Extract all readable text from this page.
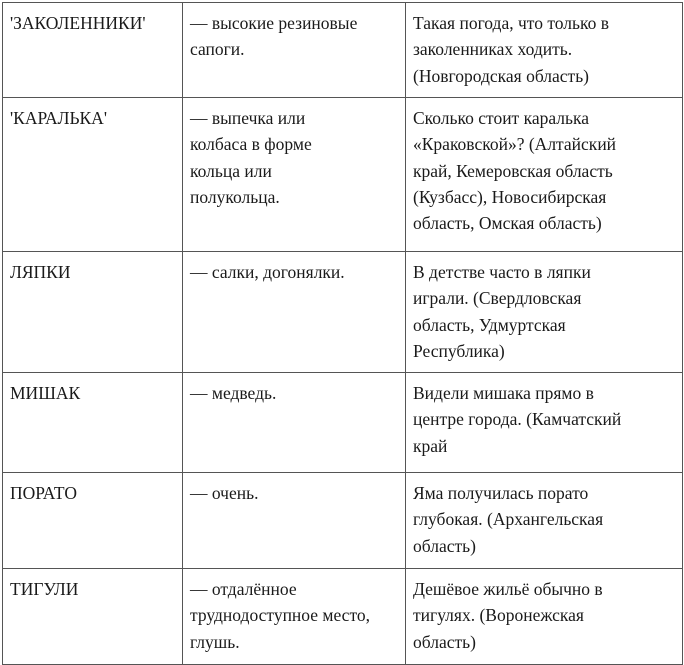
'ЗАКОЛЕННИКИ'	— высокие резиновые
сапоги.	Такая погода, что только в
заколенниках ходить.
(Новгородская область)
'КАРАЛЬКА'	— выпечка или
колбаса в форме
кольца или
полукольца.	Сколько стоит каралька
«Краковской»? (Алтайский
край, Кемеровская область
(Кузбасс), Новосибирская
область, Омская область)
ЛЯПКИ	— салки, догонялки.	В детстве часто в ляпки
играли. (Свердловская
область, Удмуртская
Республика)
МИШАК	— медведь.	Видели мишака прямо в
центре города. (Камчатский
край
ПОРАТО	— очень.	Яма получилась порато
глубокая. (Архангельская
область)
ТИГУЛИ	— отдалённое
труднодоступное место,
глушь.	Дешёвое жильё обычно в
тигулях. (Воронежская
область)
